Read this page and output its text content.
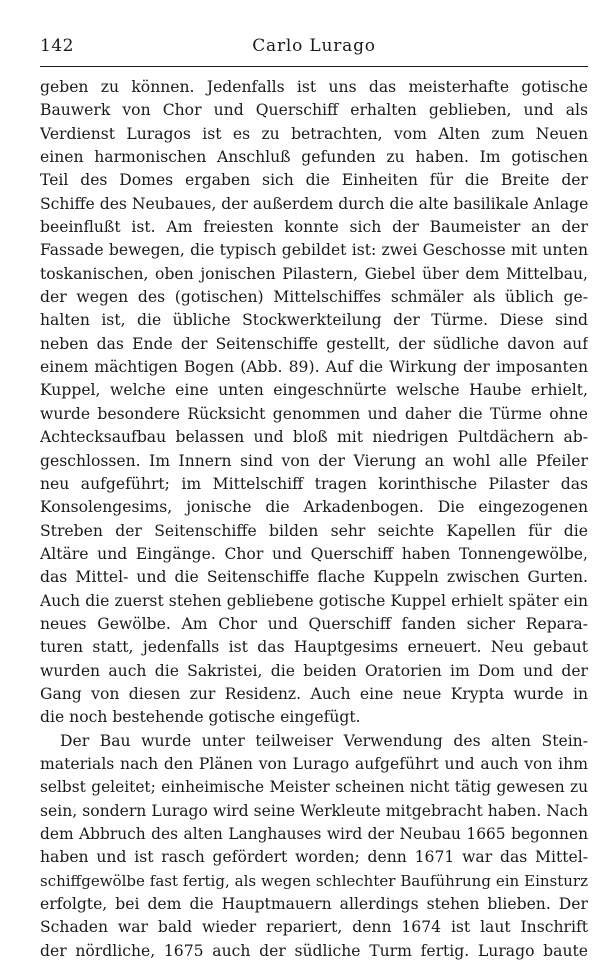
142	Carlo Lurago
geben zu können. Jedenfalls ist uns das meisterhafte gotische
Bauwerk von Chor und Querschiff erhalten geblieben, und als
Verdienst Luragos ist es zu betrachten, vom Alten zum Neuen
einen harmonischen Anschluß gefunden zu haben. Im gotischen
Teil des Domes ergaben sich die Einheiten für die Breite der
Schiffe des Neubaues, der außerdem durch die alte basilikale Anlage
beeinflußt ist. Am freiesten konnte sich der Baumeister an der
Fassade bewegen, die typisch gebildet ist: zwei Geschosse mit unten
toskanischen, oben jonischen Pilastern, Giebel über dem Mittelbau,
der wegen des (gotischen) Mittelschiffes schmäler als üblich ge-
halten ist, die übliche Stockwerkteilung der Türme. Diese sind
neben das Ende der Seitenschiffe gestellt, der südliche davon auf
einem mächtigen Bogen (Abb. 89). Auf die Wirkung der imposanten
Kuppel, welche eine unten eingeschnürte welsche Haube erhielt,
wurde besondere Rücksicht genommen und daher die Türme ohne
Achtecksaufbau belassen und bloß mit niedrigen Pultdächern ab-
geschlossen. Im Innern sind von der Vierung an wohl alle Pfeiler
neu aufgeführt; im Mittelschiff tragen korinthische Pilaster das
Konsolengesims, jonische die Arkadenbogen. Die eingezogenen
Streben der Seitenschiffe bilden sehr seichte Kapellen für die
Altäre und Eingänge. Chor und Querschiff haben Tonnengewölbe,
das Mittel- und die Seitenschiffe flache Kuppeln zwischen Gurten.
Auch die zuerst stehen gebliebene gotische Kuppel erhielt später ein
neues Gewölbe. Am Chor und Querschiff fanden sicher Repara-
turen statt, jedenfalls ist das Hauptgesims erneuert. Neu gebaut
wurden auch die Sakristei, die beiden Oratorien im Dom und der
Gang von diesen zur Residenz. Auch eine neue Krypta wurde in
die noch bestehende gotische eingefügt.
Der Bau wurde unter teilweiser Verwendung des alten Stein-
materials nach den Plänen von Lurago aufgeführt und auch von ihm
selbst geleitet; einheimische Meister scheinen nicht tätig gewesen zu
sein, sondern Lurago wird seine Werkleute mitgebracht haben. Nach
dem Abbruch des alten Langhauses wird der Neubau 1665 begonnen
haben und ist rasch gefördert worden; denn 1671 war das Mittel-
schiffgewölbe fast fertig, als wegen schlechter Bauführung ein Einsturz
erfolgte, bei dem die Hauptmauern allerdings stehen blieben. Der
Schaden war bald wieder repariert, denn 1674 ist laut Inschrift
der nördliche, 1675 auch der südliche Turm fertig. Lurago baute
